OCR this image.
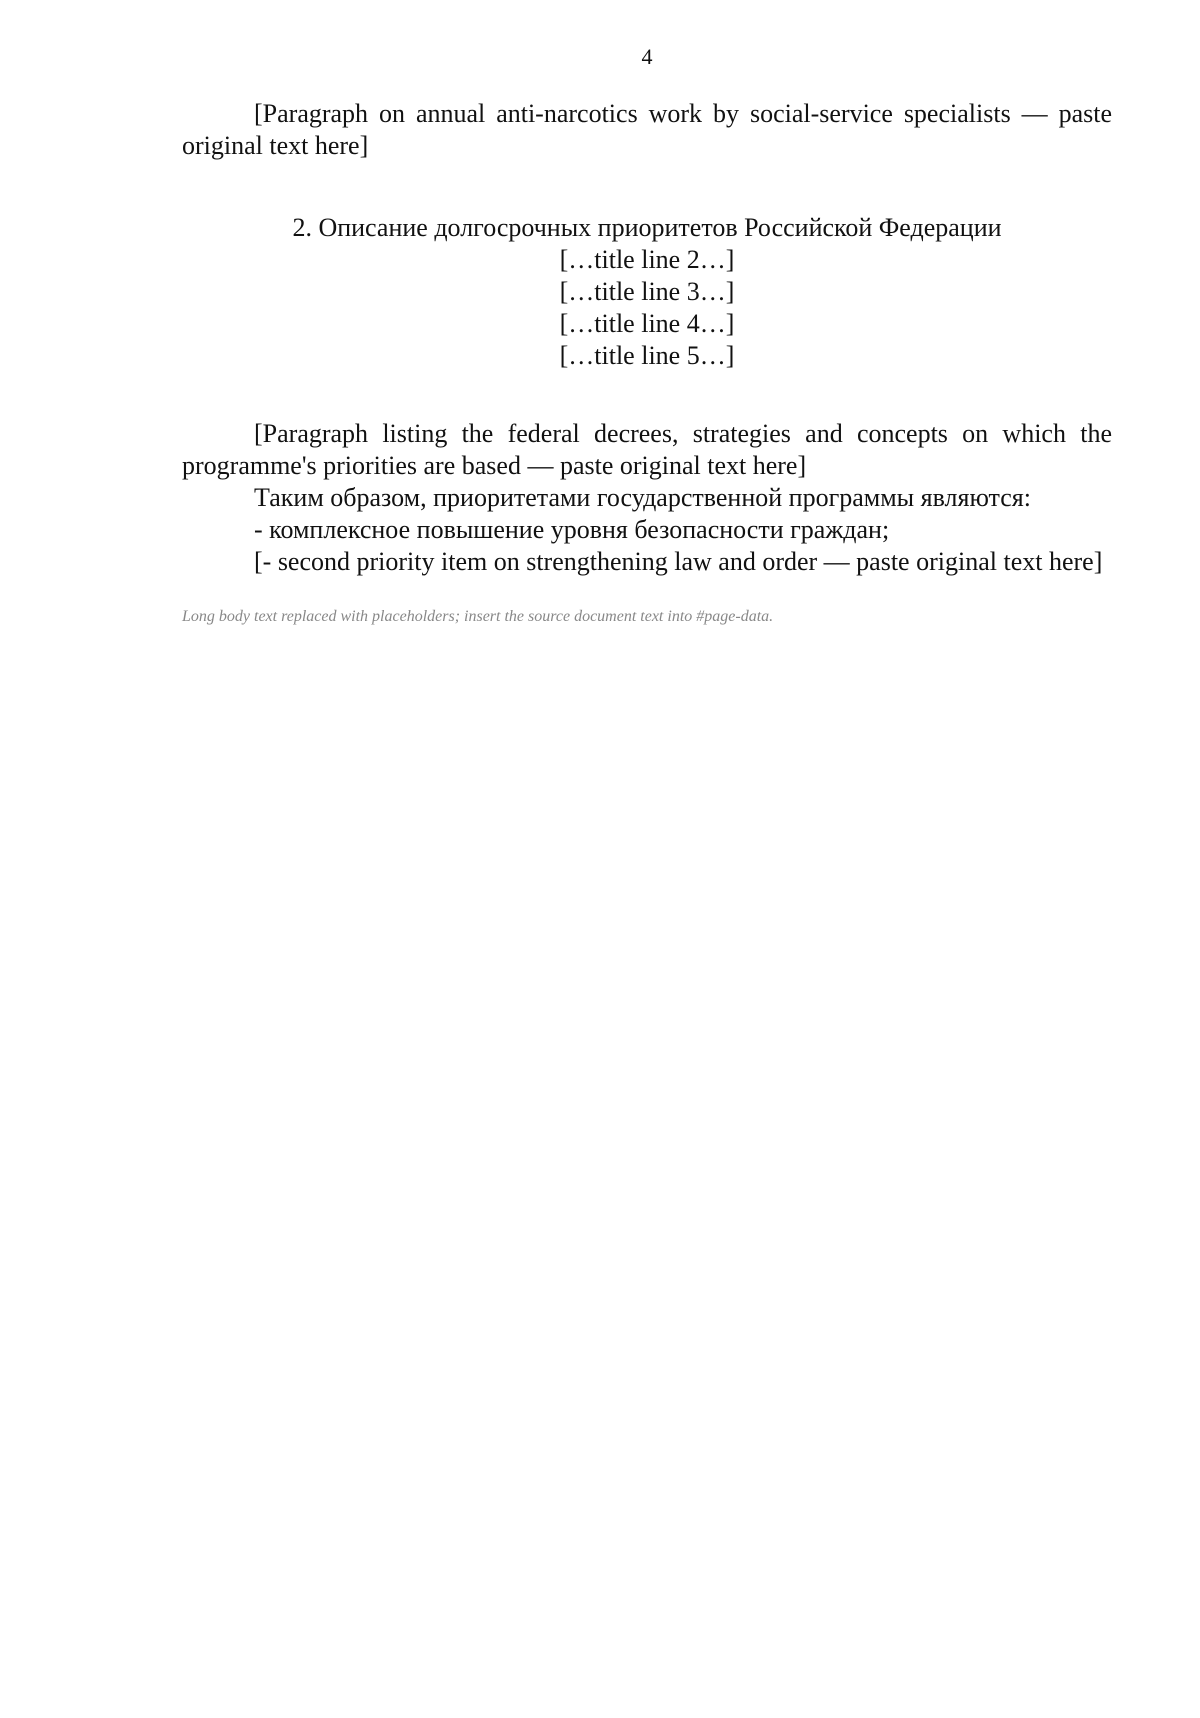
4

[Paragraph on annual anti-narcotics work by social-service specialists — paste original text here]

2. Описание долгосрочных приоритетов Российской Федерации
[…title line 2…]
[…title line 3…]
[…title line 4…]
[…title line 5…]

[Paragraph listing the federal decrees, strategies and concepts on which the programme's priorities are based — paste original text here]

Таким образом, приоритетами государственной программы являются:

- комплексное повышение уровня безопасности граждан;

[- second priority item on strengthening law and order — paste original text here]

Long body text replaced with placeholders; insert the source document text into #page-data.
